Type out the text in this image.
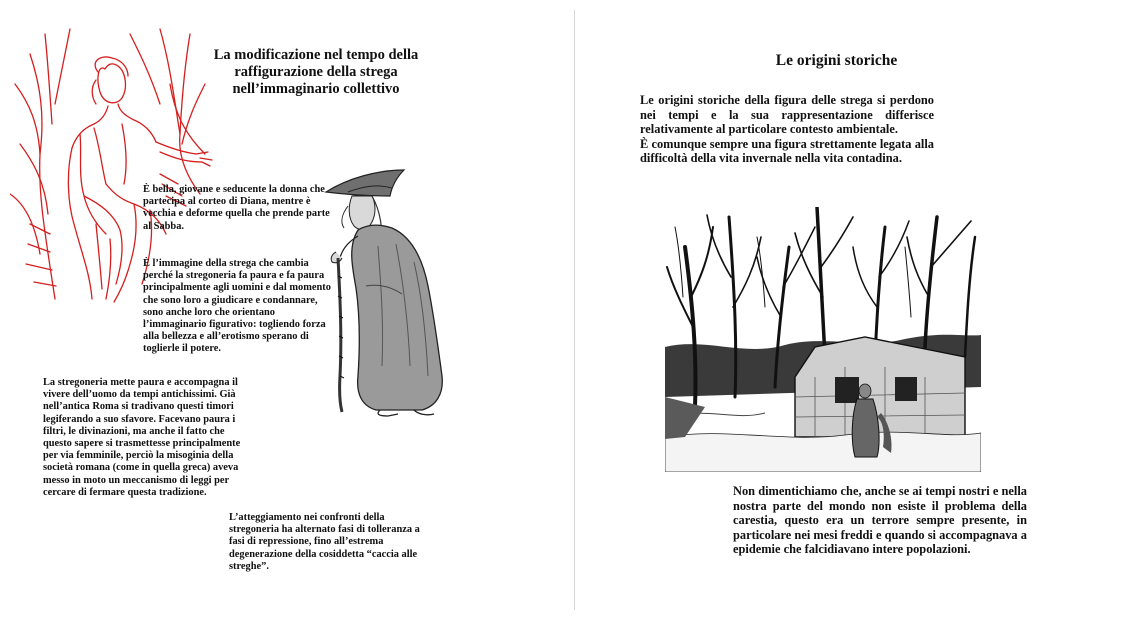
La modificazione nel tempo della raffigurazione della strega nell’immaginario collettivo
È bella, giovane e seducente la donna che partecipa al corteo di Diana, mentre è vecchia e deforme quella che prende parte al Sabba.
È l’immagine della strega che cambia perché la stregoneria fa paura e fa paura principalmente agli uomini e dal momento che sono loro a giudicare e condannare, sono anche loro che orientano l’immaginario figurativo: togliendo forza alla bellezza e all’erotismo sperano di toglierle il potere.
La stregoneria mette paura e accompagna il vivere dell’uomo da tempi antichissimi. Già nell’antica Roma si tradivano questi timori legiferando a suo sfavore. Facevano paura i filtri, le divinazioni, ma anche il fatto che questo sapere si trasmettesse principalmente per via femminile, perciò la misoginia della società romana (come in quella greca) aveva messo in moto un meccanismo di leggi per cercare di fermare questa tradizione.
L’atteggiamento nei confronti della stregoneria ha alternato fasi di tolleranza a fasi di repressione, fino all’estrema degenerazione della cosiddetta “caccia alle streghe”.
Le origini storiche
Le origini storiche della figura delle strega si perdono nei tempi e la sua rappresentazione differisce relativamente al particolare contesto ambientale.
È comunque sempre una figura strettamente legata alla difficoltà della vita invernale nella vita contadina.
Non dimentichiamo che, anche se ai tempi nostri e nella nostra parte del mondo non esiste il problema della carestia, questo era un terrore sempre presente, in particolare nei mesi freddi e quando si accompagnava a epidemie che falcidiavano intere popolazioni.
